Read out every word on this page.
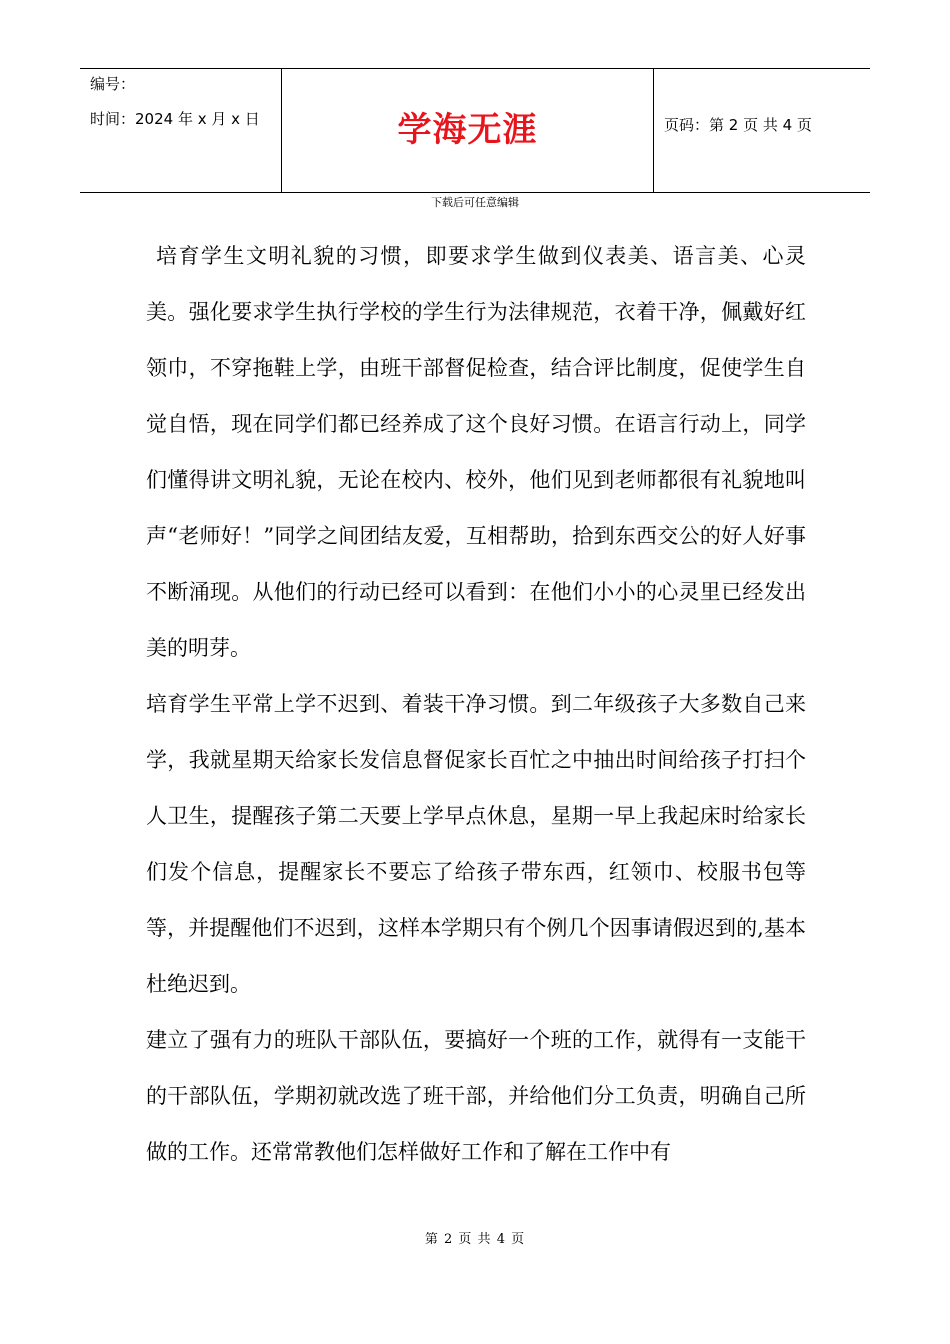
编号：
时间：2024 年 x 月 x 日	学海无涯	页码：第 2 页 共 4 页
下载后可任意编辑

培育学生文明礼貌的习惯，即要求学生做到仪表美、语言美、心灵美。强化要求学生执行学校的学生行为法律规范，衣着干净，佩戴好红领巾，不穿拖鞋上学，由班干部督促检查，结合评比制度，促使学生自觉自悟，现在同学们都已经养成了这个良好习惯。在语言行动上，同学们懂得讲文明礼貌，无论在校内、校外，他们见到老师都很有礼貌地叫声“老师好！”同学之间团结友爱，互相帮助，拾到东西交公的好人好事不断涌现。从他们的行动已经可以看到：在他们小小的心灵里已经发出美的明芽。

培育学生平常上学不迟到、着装干净习惯。到二年级孩子大多数自己来学，我就星期天给家长发信息督促家长百忙之中抽出时间给孩子打扫个人卫生，提醒孩子第二天要上学早点休息，星期一早上我起床时给家长们发个信息，提醒家长不要忘了给孩子带东西，红领巾、校服书包等等，并提醒他们不迟到，这样本学期只有个例几个因事请假迟到的,基本杜绝迟到。

建立了强有力的班队干部队伍，要搞好一个班的工作，就得有一支能干的干部队伍，学期初就改选了班干部，并给他们分工负责，明确自己所做的工作。还常常教他们怎样做好工作和了解在工作中有

第 2 页 共 4 页
